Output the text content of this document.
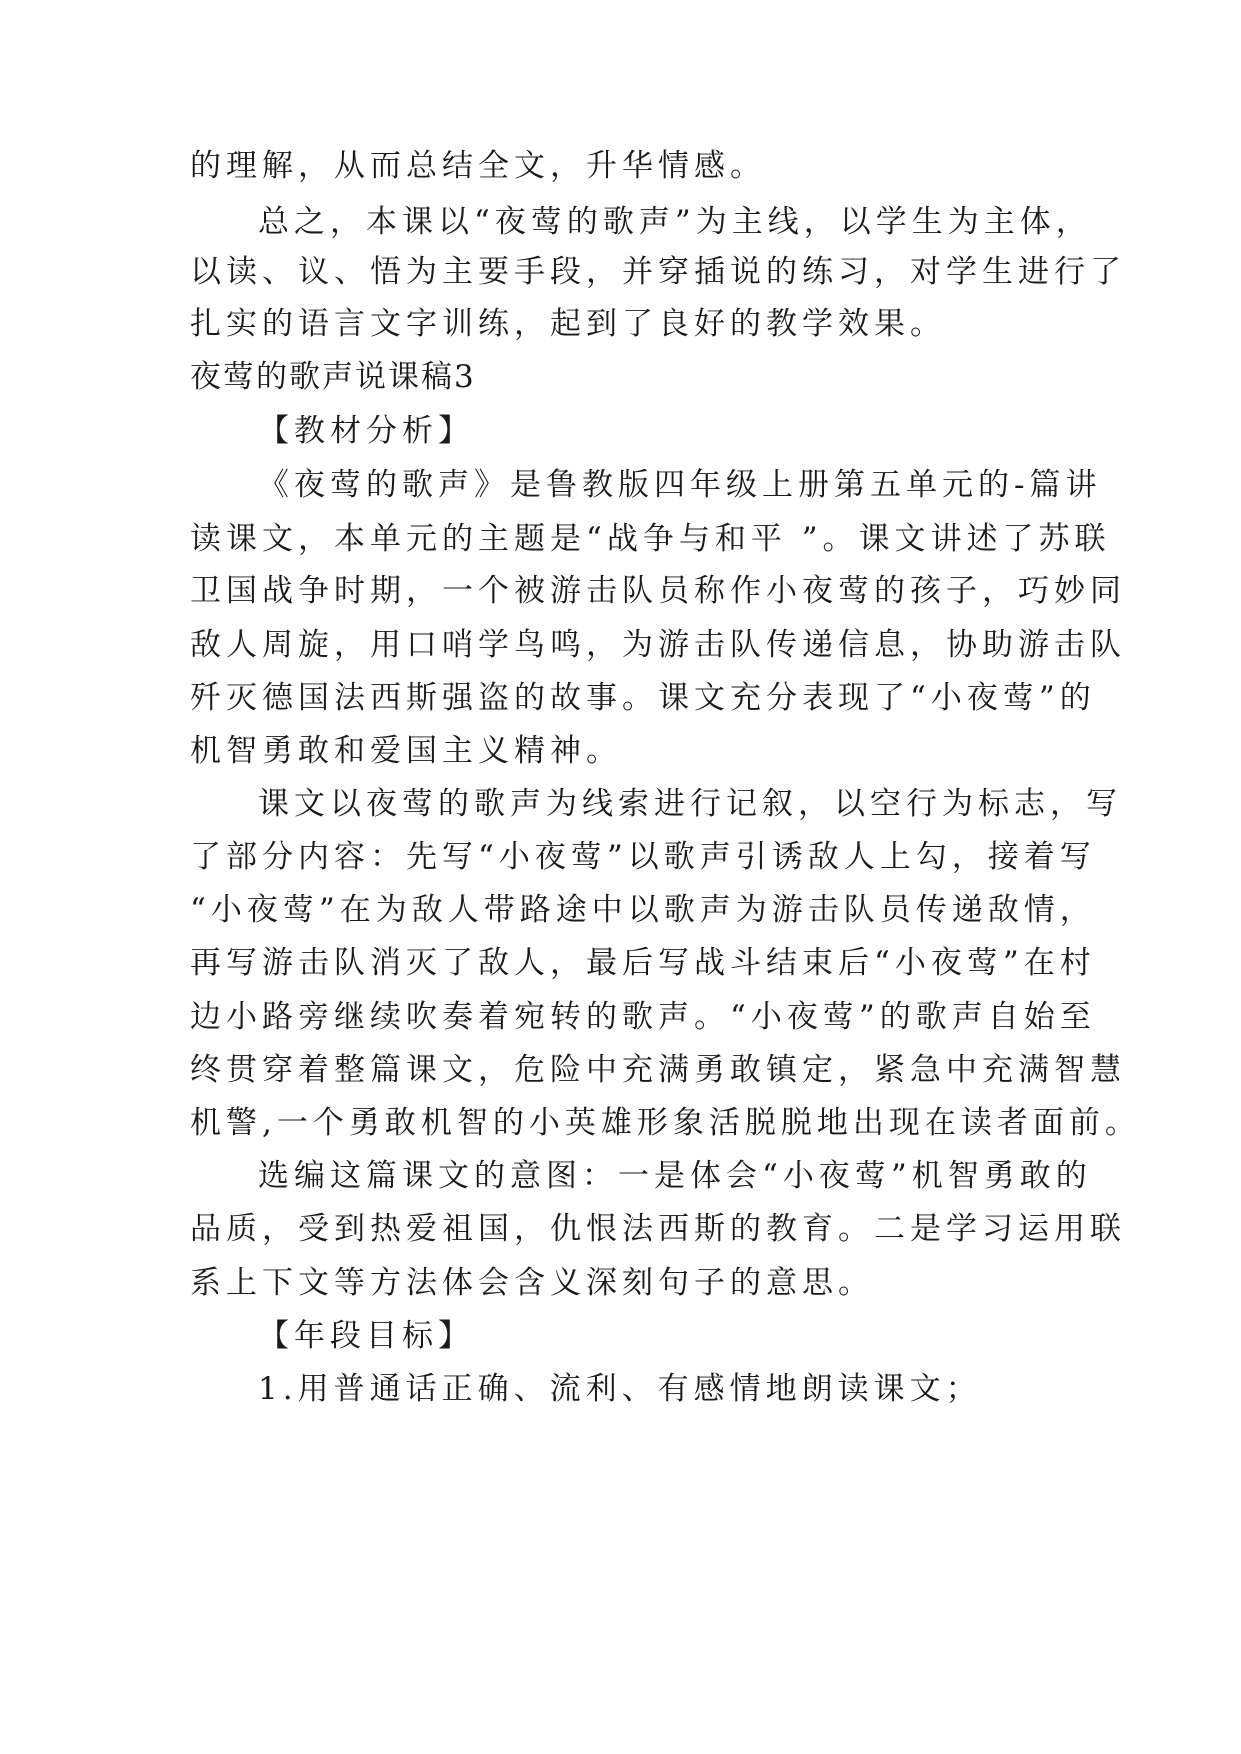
的理解，从而总结全文，升华情感。
总之，本课以“夜莺的歌声”为主线，以学生为主体，
以读、议、悟为主要手段，并穿插说的练习，对学生进行了
扎实的语言文字训练，起到了良好的教学效果。
夜莺的歌声说课稿3
【教材分析】
《夜莺的歌声》是鲁教版四年级上册第五单元的-篇讲
读课文，本单元的主题是“战争与和平 ”。课文讲述了苏联
卫国战争时期，一个被游击队员称作小夜莺的孩子，巧妙同
敌人周旋，用口哨学鸟鸣，为游击队传递信息，协助游击队
歼灭德国法西斯强盗的故事。课文充分表现了“小夜莺”的
机智勇敢和爱国主义精神。
课文以夜莺的歌声为线索进行记叙，以空行为标志，写
了部分内容：先写“小夜莺”以歌声引诱敌人上勾，接着写
“小夜莺”在为敌人带路途中以歌声为游击队员传递敌情，
再写游击队消灭了敌人，最后写战斗结束后“小夜莺”在村
边小路旁继续吹奏着宛转的歌声。“小夜莺”的歌声自始至
终贯穿着整篇课文，危险中充满勇敢镇定，紧急中充满智慧
机警,一个勇敢机智的小英雄形象活脱脱地出现在读者面前。
选编这篇课文的意图：一是体会“小夜莺”机智勇敢的
品质，受到热爱祖国，仇恨法西斯的教育。二是学习运用联
系上下文等方法体会含义深刻句子的意思。
【年段目标】
1.用普通话正确、流利、有感情地朗读课文；
